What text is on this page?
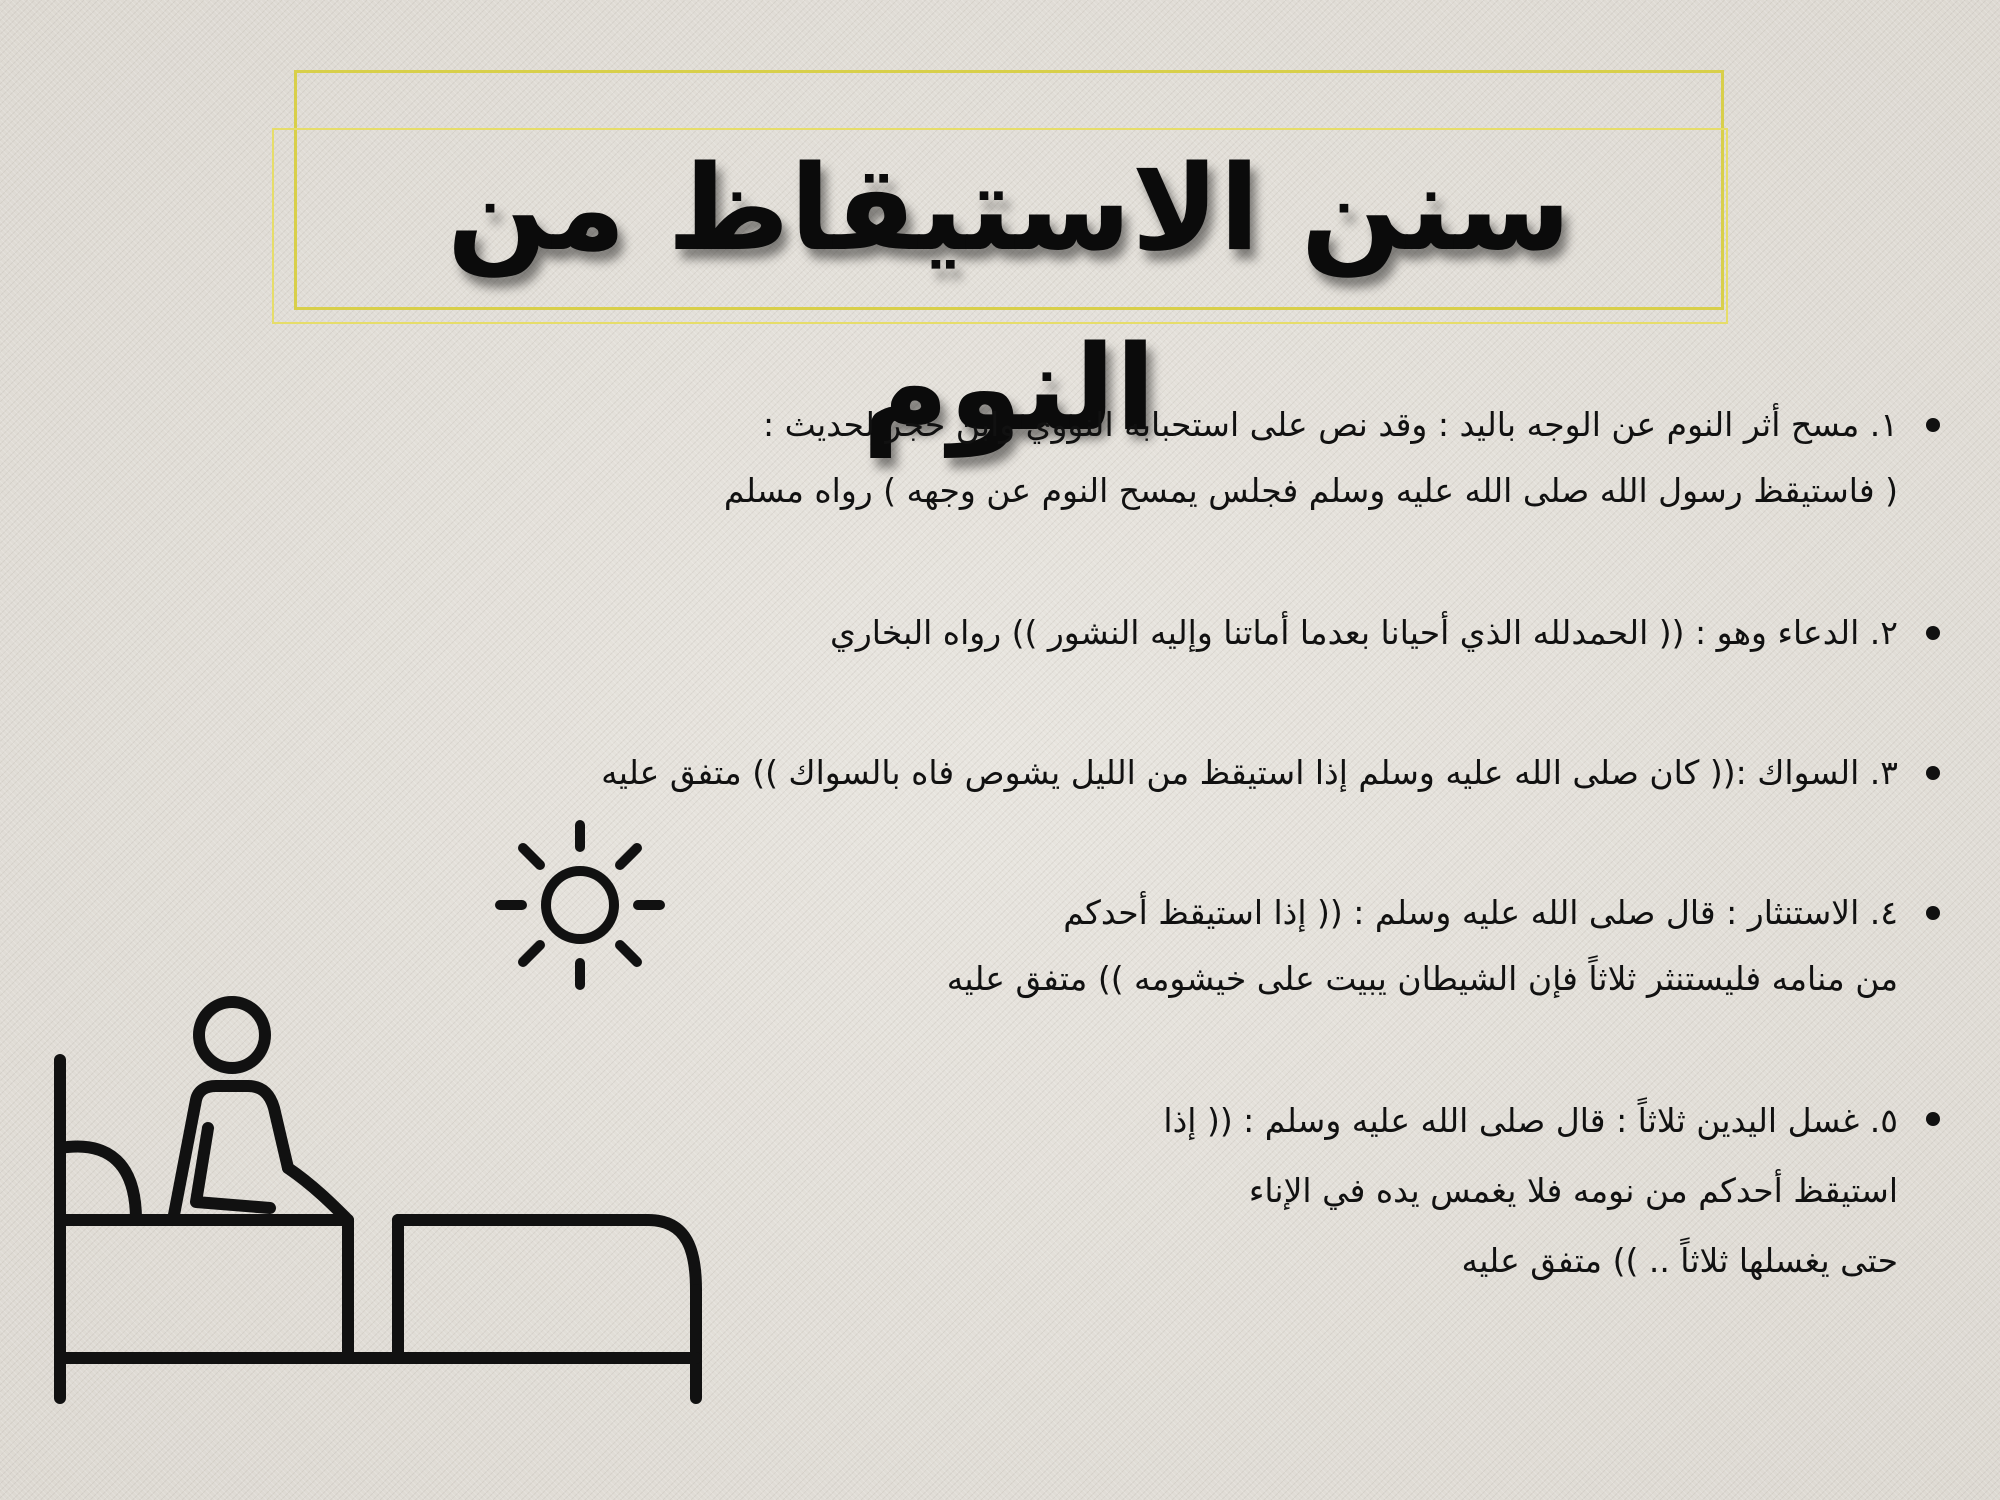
سنن الاستيقاظ من النوم

١. مسح أثر النوم عن الوجه باليد : وقد نص على استحبابه النووي وابن حجر لحديث :
( فاستيقظ رسول الله صلى الله عليه وسلم فجلس يمسح النوم عن وجهه ) رواه مسلم

٢. الدعاء وهو : (( الحمدلله الذي أحيانا بعدما أماتنا وإليه النشور )) رواه البخاري

٣. السواك :(( كان صلى الله عليه وسلم إذا استيقظ من الليل يشوص فاه بالسواك )) متفق عليه

٤. الاستنثار : قال صلى الله عليه وسلم : (( إذا استيقظ أحدكم
من منامه فليستنثر ثلاثاً فإن الشيطان يبيت على خيشومه )) متفق عليه

٥. غسل اليدين ثلاثاً : قال صلى الله عليه وسلم : (( إذا
استيقظ أحدكم من نومه فلا يغمس يده في الإناء
حتى يغسلها ثلاثاً .. )) متفق عليه
